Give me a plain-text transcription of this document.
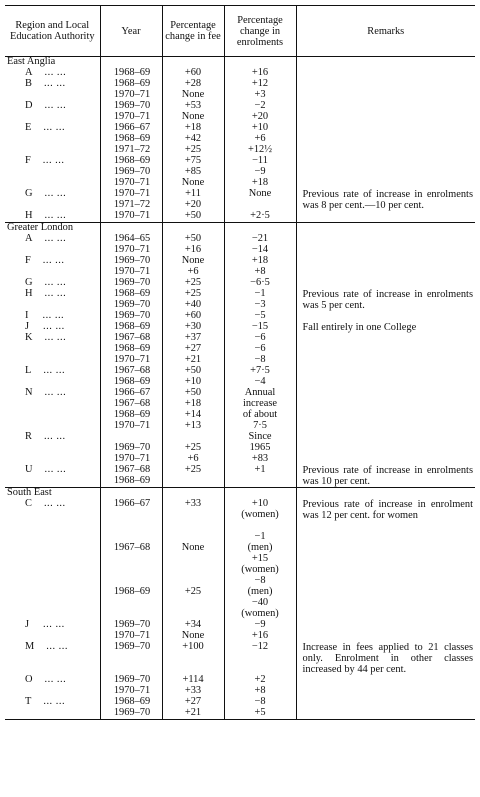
Region and Local Education Authority	Year	Percentage change in fee	Percentage change in enrolments	Remarks
East Anglia				
A ... ...	1968–69	+60	+16	
B ... ...	1968–69	+28	+12	
	1970–71	None	+3	
D ... ...	1969–70	+53	−2	
	1970–71	None	+20	
E ... ...	1966–67	+18	+10	
	1968–69	+42	+6	
	1971–72	+25	+12½	
F ... ...	1968–69	+75	−11	
	1969–70	+85	−9	
	1970–71	None	+18	
G ... ...	1970–71	+11	None	Previous rate of increase in enrolments was 8 per cent.—10 per cent.
	1971–72	+20		
H ... ...	1970–71	+50	+2·5	
Greater London				
A ... ...	1964–65	+50	−21	
	1970–71	+16	−14	
F ... ...	1969–70	None	+18	
	1970–71	+6	+8	
G ... ...	1969–70	+25	−6·5	
H ... ...	1968–69	+25	−1	Previous rate of increase in enrolments was 5 per cent.
	1969–70	+40	−3	
I ... ...	1969–70	+60	−5	
J ... ...	1968–69	+30	−15	Fall entirely in one College
K ... ...	1967–68	+37	−6	
	1968–69	+27	−6	
	1970–71	+21	−8	
L ... ...	1967–68	+50	+7·5	
	1968–69	+10	−4	
N ... ...	1966–67	+50	Annual	
	1967–68	+18	increase	
	1968–69	+14	of about	
	1970–71	+13	7·5	
R ... ...			Since	
	1969–70	+25	1965	
	1970–71	+6	+83	
U ... ...	1967–68	+25	+1	Previous rate of increase in enrolments was 10 per cent.
	1968–69			
South East				
C ... ...	1966–67	+33	+10	Previous rate of increase in enrolment was 12 per cent. for women
			(women)	

			−1	
	1967–68	None	(men)	
			+15	
			(women)	
			−8	
	1968–69	+25	(men)	
			−40	
			(women)	
J ... ...	1969–70	+34	−9	
	1970–71	None	+16	
M ... ...	1969–70	+100	−12	Increase in fees applied to 21 classes only. Enrolment in other classes increased by 44 per cent.

O ... ...	1969–70	+114	+2	
	1970–71	+33	+8	
T ... ...	1968–69	+27	−8	
	1969–70	+21	+5	
